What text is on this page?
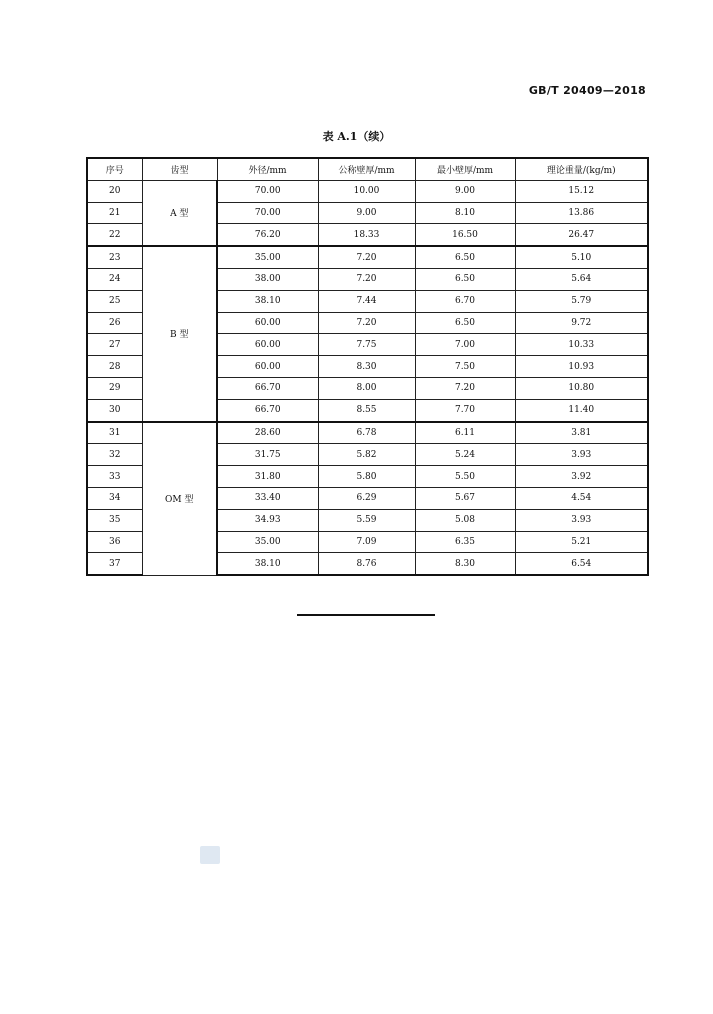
GB/T 20409—2018
表 A.1（续）
序号	齿型	外径/mm	公称壁厚/mm	最小壁厚/mm	理论重量/(kg/m)
20	A 型	70.00	10.00	9.00	15.12
21		70.00	9.00	8.10	13.86
22		76.20	18.33	16.50	26.47
23	B 型	35.00	7.20	6.50	5.10
24		38.00	7.20	6.50	5.64
25		38.10	7.44	6.70	5.79
26		60.00	7.20	6.50	9.72
27		60.00	7.75	7.00	10.33
28		60.00	8.30	7.50	10.93
29		66.70	8.00	7.20	10.80
30		66.70	8.55	7.70	11.40
31	OM 型	28.60	6.78	6.11	3.81
32		31.75	5.82	5.24	3.93
33		31.80	5.80	5.50	3.92
34		33.40	6.29	5.67	4.54
35		34.93	5.59	5.08	3.93
36		35.00	7.09	6.35	5.21
37		38.10	8.76	8.30	6.54
